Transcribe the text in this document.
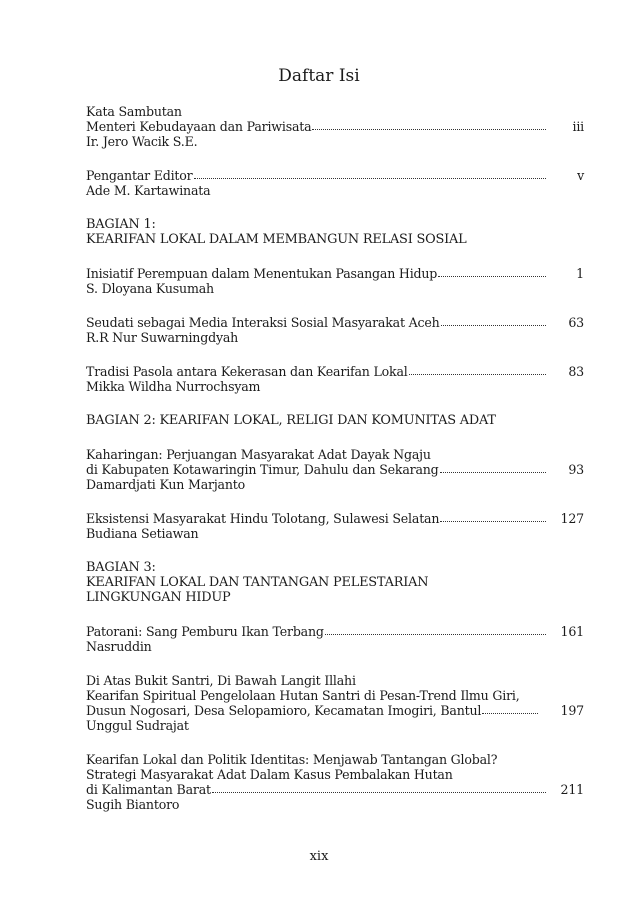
Daftar Isi
Kata Sambutan
Menteri Kebudayaan dan Pariwisata	iii
Ir. Jero Wacik S.E.
Pengantar Editor	v
Ade M. Kartawinata
BAGIAN 1:
KEARIFAN LOKAL DALAM MEMBANGUN RELASI SOSIAL
Inisiatif Perempuan dalam Menentukan Pasangan Hidup	1
S. Dloyana Kusumah
Seudati sebagai Media Interaksi Sosial Masyarakat Aceh	63
R.R Nur Suwarningdyah
Tradisi Pasola antara Kekerasan dan Kearifan Lokal	83
Mikka Wildha Nurrochsyam
BAGIAN 2: KEARIFAN LOKAL, RELIGI DAN KOMUNITAS ADAT
Kaharingan: Perjuangan Masyarakat Adat Dayak Ngaju
di Kabupaten Kotawaringin Timur, Dahulu dan Sekarang	93
Damardjati Kun Marjanto
Eksistensi Masyarakat Hindu Tolotang, Sulawesi Selatan	127
Budiana Setiawan
BAGIAN 3:
KEARIFAN LOKAL DAN TANTANGAN PELESTARIAN
LINGKUNGAN HIDUP
Patorani: Sang Pemburu Ikan Terbang	161
Nasruddin
Di Atas Bukit Santri, Di Bawah Langit Illahi
Kearifan Spiritual Pengelolaan Hutan Santri di Pesan-Trend Ilmu Giri,
Dusun Nogosari, Desa Selopamioro, Kecamatan Imogiri, Bantul	197
Unggul Sudrajat
Kearifan Lokal dan Politik Identitas: Menjawab Tantangan Global?
Strategi Masyarakat Adat Dalam Kasus Pembalakan Hutan
di Kalimantan Barat	211
Sugih Biantoro
xix
